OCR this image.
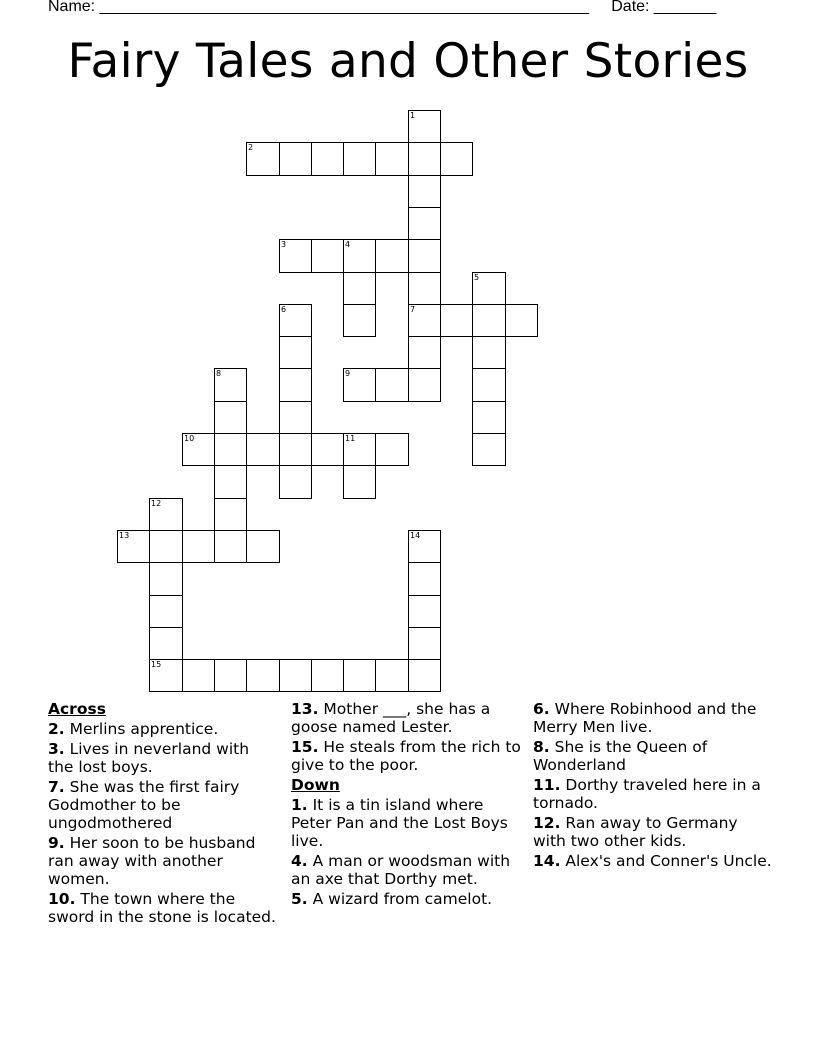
Name: _______________________________________________________ Date: _______
Fairy Tales and Other Stories
1
7
2
3	4
5
6
8	9
10	11
12
15
13	14
Across
2. Merlins apprentice.
3. Lives in neverland with the lost boys.
7. She was the first fairy Godmother to be ungodmothered
9. Her soon to be husband ran away with another women.
10. The town where the sword in the stone is located.
13. Mother ___, she has a goose named Lester.
15. He steals from the rich to give to the poor.
Down
1. It is a tin island where Peter Pan and the Lost Boys live.
4. A man or woodsman with an axe that Dorthy met.
5. A wizard from camelot.
6. Where Robinhood and the Merry Men live.
8. She is the Queen of Wonderland
11. Dorthy traveled here in a tornado.
12. Ran away to Germany with two other kids.
14. Alex's and Conner's Uncle.
